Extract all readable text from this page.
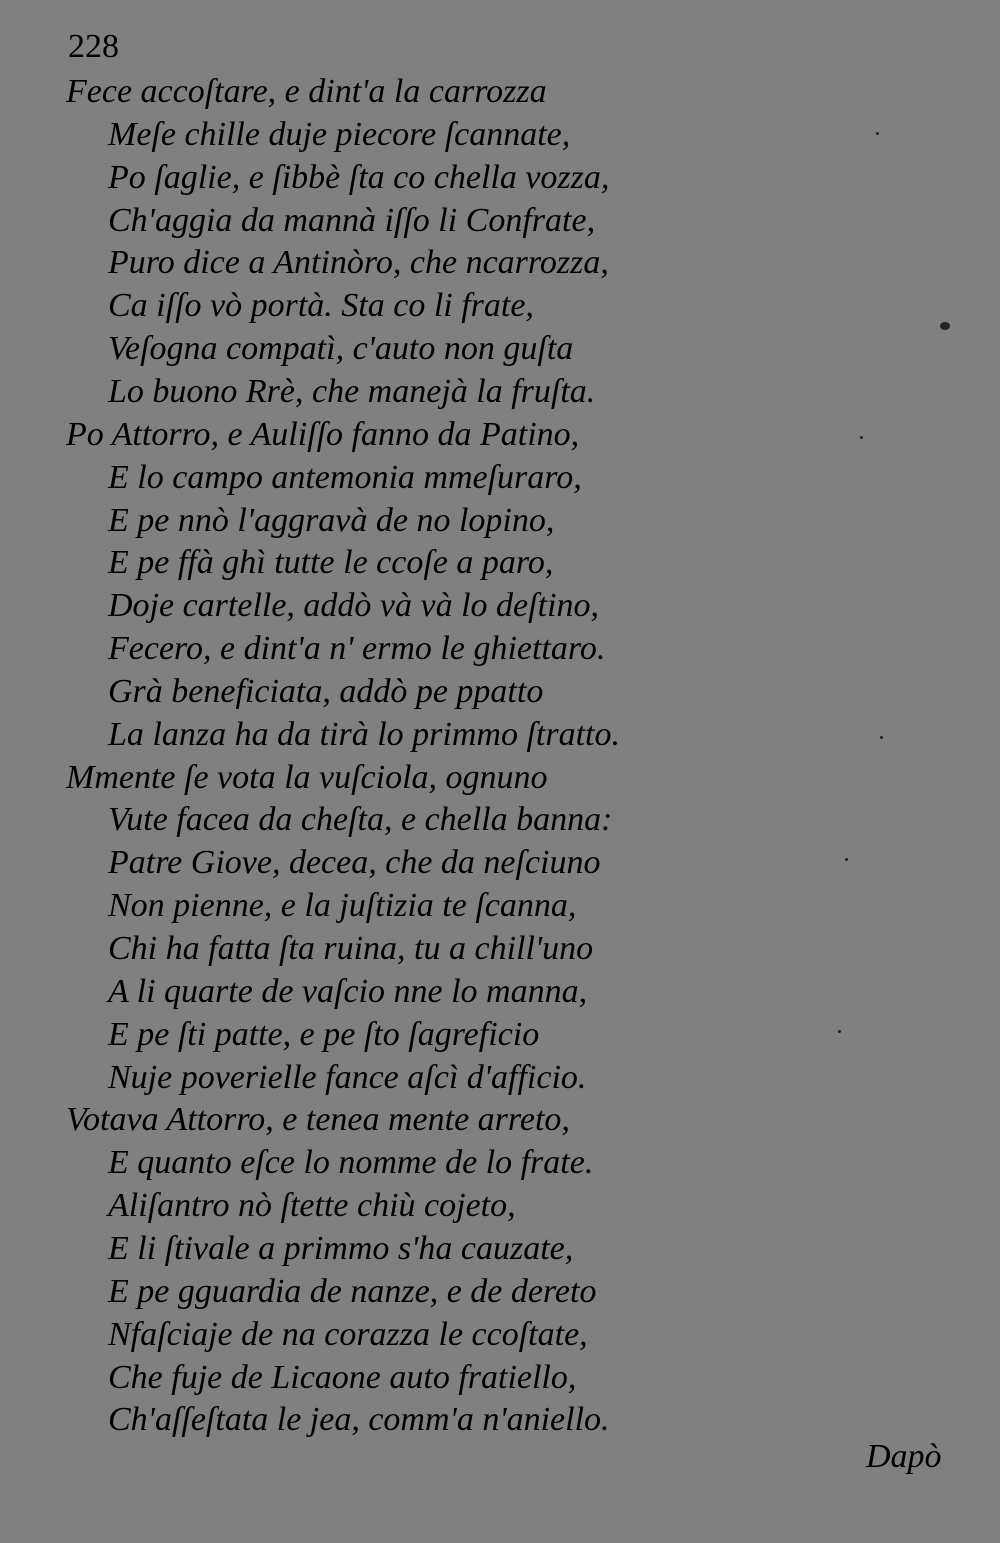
228
Fece accoſtare, e dint'a la carrozza
Meſe chille duje piecore ſcannate,
Po ſaglie, e ſibbè ſta co chella vozza,
Ch'aggia da mannà iſſo li Confrate,
Puro dice a Antinòro, che ncarrozza,
Ca iſſo vò portà. Sta co li frate,
Veſogna compatì, c'auto non guſta
Lo buono Rrè, che manejà la fruſta.
Po Attorro, e Auliſſo fanno da Patino,
E lo campo antemonia mmeſuraro,
E pe nnò l'aggravà de no lopino,
E pe ffà ghì tutte le ccoſe a paro,
Doje cartelle, addò và và lo deſtino,
Fecero, e dint'a n' ermo le ghiettaro.
Grà beneficiata, addò pe ppatto
La lanza ha da tirà lo primmo ſtratto.
Mmente ſe vota la vuſciola, ognuno
Vute facea da cheſta, e chella banna:
Patre Giove, decea, che da neſciuno
Non pienne, e la juſtizia te ſcanna,
Chi ha fatta ſta ruina, tu a chill'uno
A li quarte de vaſcio nne lo manna,
E pe ſti patte, e pe ſto ſagreficio
Nuje poverielle fance aſcì d'afficio.
Votava Attorro, e tenea mente arreto,
E quanto eſce lo nomme de lo frate.
Aliſantro nò ſtette chiù cojeto,
E li ſtivale a primmo s'ha cauzate,
E pe gguardia de nanze, e de dereto
Nfaſciaje de na corazza le ccoſtate,
Che fuje de Licaone auto fratiello,
Ch'aſſeſtata le jea, comm'a n'aniello.
Dapò
